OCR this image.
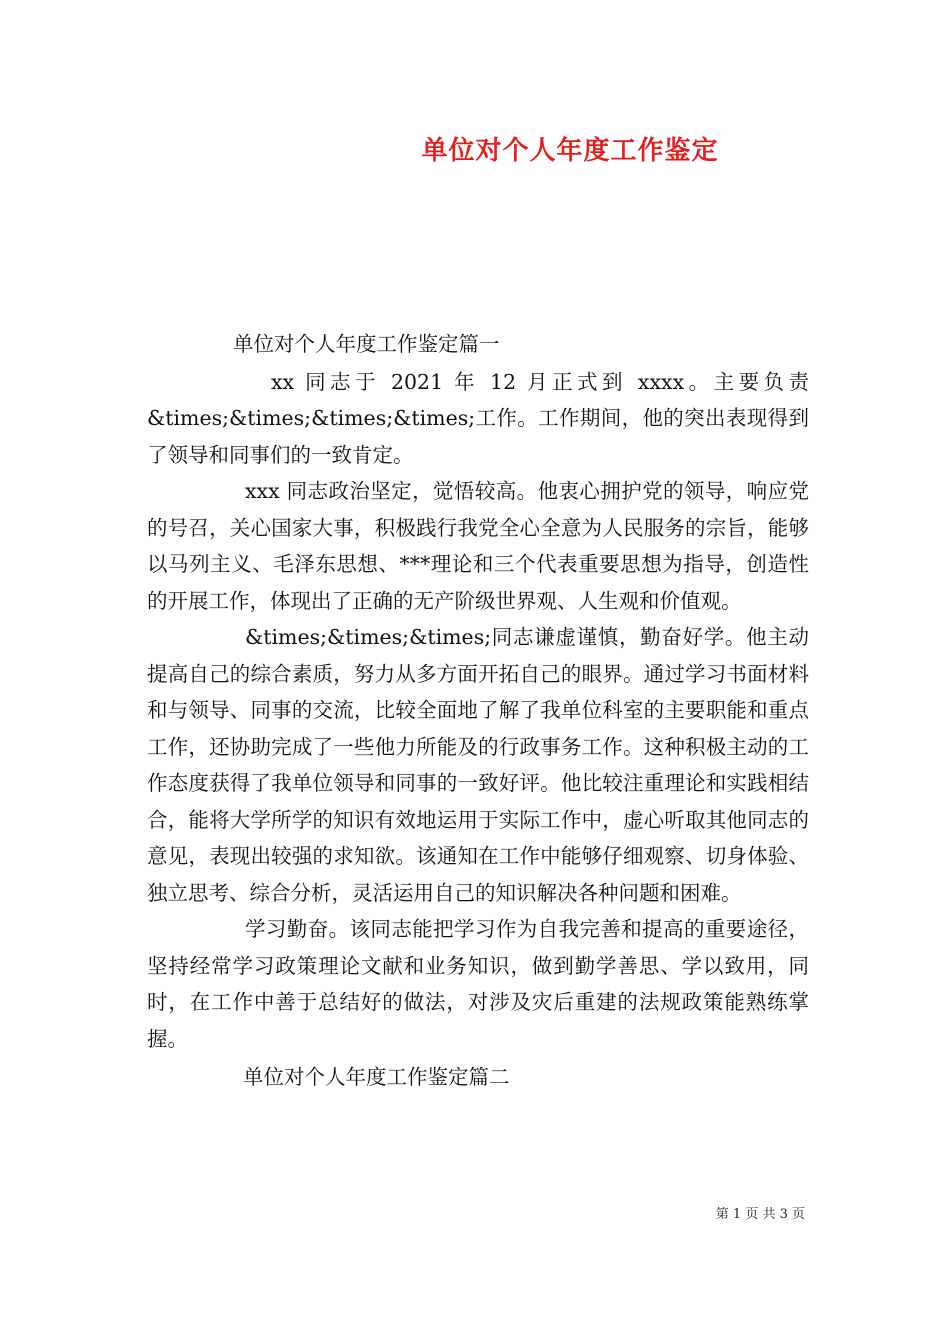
单位对个人年度工作鉴定

单位对个人年度工作鉴定篇一

xx 同志于 2021 年 12 月正式到 xxxx。主要负责&times;&times;&times;&times;工作。工作期间，他的突出表现得到了领导和同事们的一致肯定。

xxx 同志政治坚定，觉悟较高。他衷心拥护党的领导，响应党的号召，关心国家大事，积极践行我党全心全意为人民服务的宗旨，能够以马列主义、毛泽东思想、***理论和三个代表重要思想为指导，创造性的开展工作，体现出了正确的无产阶级世界观、人生观和价值观。

&times;&times;&times;同志谦虚谨慎，勤奋好学。他主动提高自己的综合素质，努力从多方面开拓自己的眼界。通过学习书面材料和与领导、同事的交流，比较全面地了解了我单位科室的主要职能和重点工作，还协助完成了一些他力所能及的行政事务工作。这种积极主动的工作态度获得了我单位领导和同事的一致好评。他比较注重理论和实践相结合，能将大学所学的知识有效地运用于实际工作中，虚心听取其他同志的意见，表现出较强的求知欲。该通知在工作中能够仔细观察、切身体验、独立思考、综合分析，灵活运用自己的知识解决各种问题和困难。

学习勤奋。该同志能把学习作为自我完善和提高的重要途径，坚持经常学习政策理论文献和业务知识，做到勤学善思、学以致用，同时，在工作中善于总结好的做法，对涉及灾后重建的法规政策能熟练掌握。

单位对个人年度工作鉴定篇二

第 1 页 共 3 页
